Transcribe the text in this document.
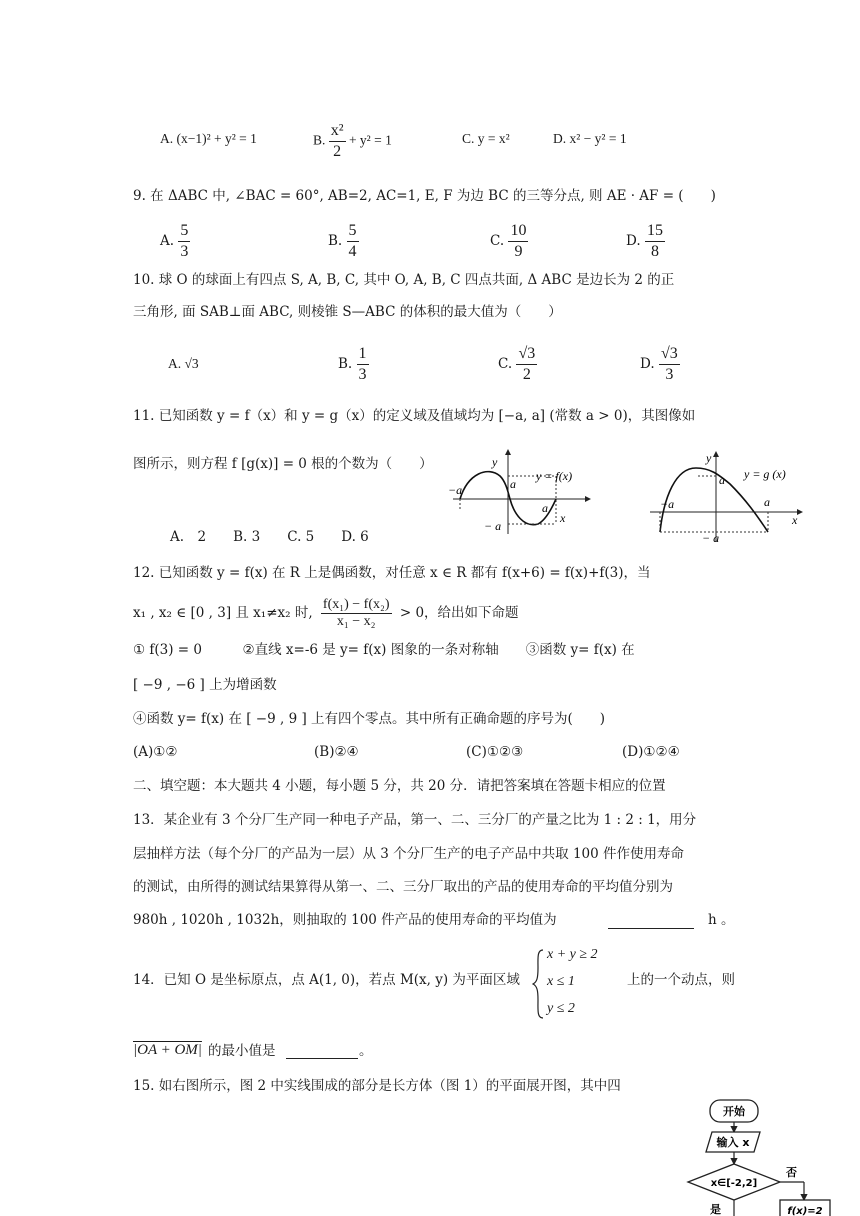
A. (x−1)² + y² = 1	B. $\frac{\text{x²}}{2} + y^2 = 1$	C. y = x²	D. x² − y² = 1
9. 在 ΔABC 中, ∠BAC = 60°, AB=2, AC=1, E, F 为边 BC 的三等分点, 则 AE · AF = (　　)
A. $\frac{5}{3}$	B. $\frac{5}{4}$	C. $\frac{10}{9}$	D. $\frac{15}{8}$
10. 球 O 的球面上有四点 S, A, B, C, 其中 O, A, B, C 四点共面, Δ ABC 是边长为 2 的正
三角形, 面 SAB⊥面 ABC, 则棱锥 S—ABC 的体积的最大值为（　　）
A. √3	B. $\frac{1}{3}$	C. $\frac{√3}{2}$	D. $\frac{√3}{3}$
11. 已知函数 y = f（x）和 y = g（x）的定义域及值域均为 [−a, a] (常数 a > 0)，其图像如
图所示，则方程 f [g(x)] = 0 根的个数为（　　）
A.　2　　B. 3　　C. 5　　D. 6
y
x
y = f(x)
−a	a
a
− a
y
x
y = g (x)
a
−a	a
− a
12. 已知函数 y = f(x) 在 R 上是偶函数，对任意 x ∈ R 都有 f(x+6) = f(x)+f(3)，当
x₁ , x₂ ∈ [0 , 3] 且 x₁≠x₂ 时, $\frac{\text{f(x₁) − f(x₂)}}{\text{x₁ − x₂}} > 0$，给出如下命题
① f(3) = 0　　　②直线 x=-6 是 y= f(x) 图象的一条对称轴　　③函数 y= f(x) 在
[ −9 , −6 ] 上为增函数
④函数 y= f(x) 在 [ −9 , 9 ] 上有四个零点。其中所有正确命题的序号为(　　)
(A)①②	(B)②④	(C)①②③	(D)①②④
二、填空题：本大题共 4 小题，每小题 5 分，共 20 分．请把答案填在答题卡相应的位置
13．某企业有 3 个分厂生产同一种电子产品，第一、二、三分厂的产量之比为 1 : 2 : 1，用分
层抽样方法（每个分厂的产品为一层）从 3 个分厂生产的电子产品中共取 100 件作使用寿命
的测试，由所得的测试结果算得从第一、二、三分厂取出的产品的使用寿命的平均值分别为
980h , 1020h , 1032h，则抽取的 100 件产品的使用寿命的平均值为	h 。
14．已知 O 是坐标原点，点 A(1, 0)，若点 M(x, y) 为平面区域
x + y ≥ 2
x ≤ 1
y ≤ 2
上的一个动点，则
|OA + OM| 的最小值是	。
15. 如右图所示，图 2 中实线围成的部分是长方体（图 1）的平面展开图，其中四
开始
输入 x
x∈[-2,2]
否
f(x)=2
是
